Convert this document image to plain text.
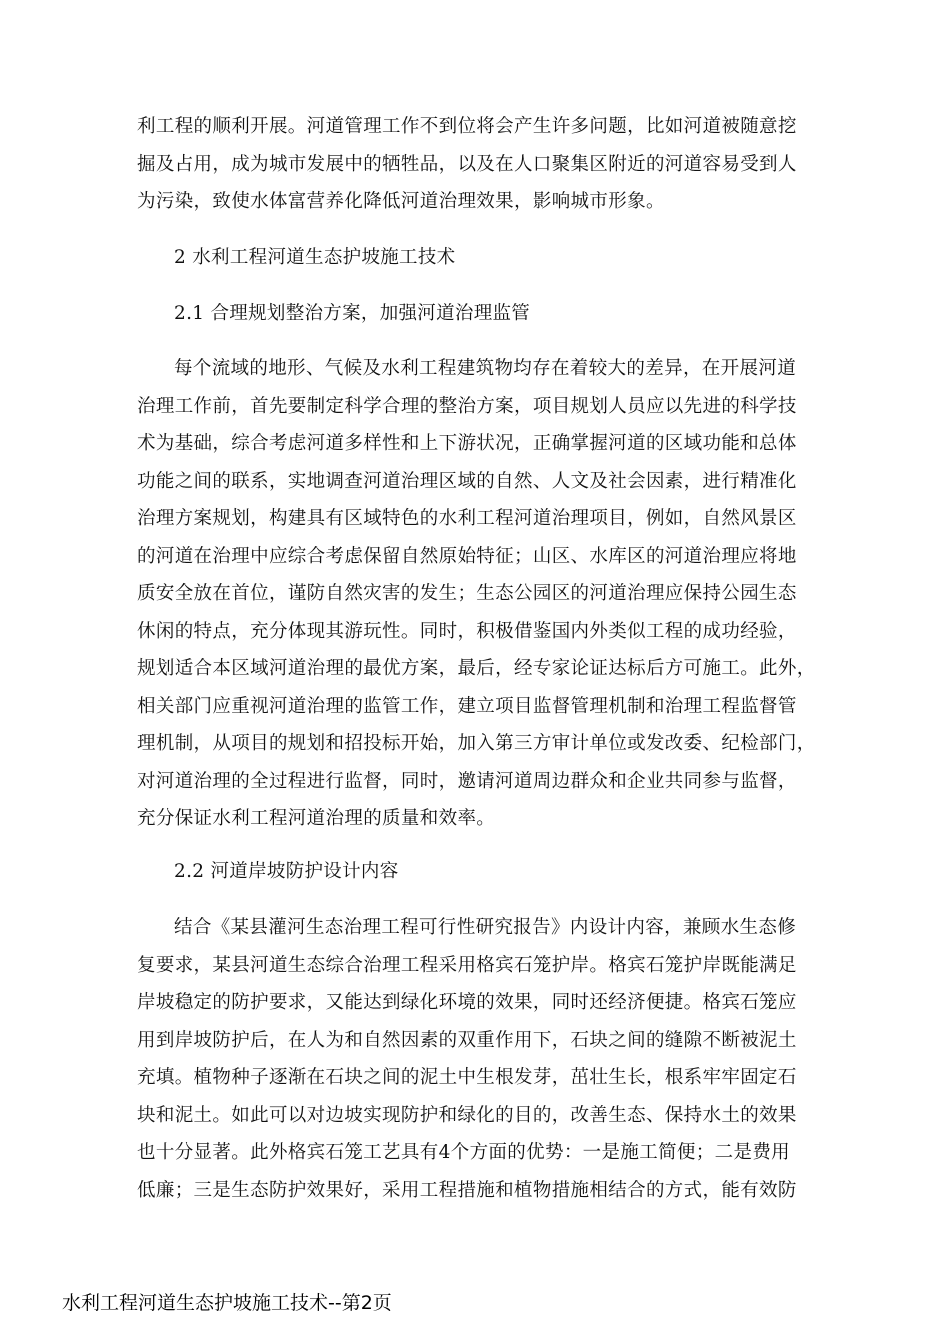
利工程的顺利开展。河道管理工作不到位将会产生许多问题，比如河道被随意挖
掘及占用，成为城市发展中的牺牲品，以及在人口聚集区附近的河道容易受到人
为污染，致使水体富营养化降低河道治理效果，影响城市形象。
2 水利工程河道生态护坡施工技术
2.1 合理规划整治方案，加强河道治理监管
每个流域的地形、气候及水利工程建筑物均存在着较大的差异，在开展河道
治理工作前，首先要制定科学合理的整治方案，项目规划人员应以先进的科学技
术为基础，综合考虑河道多样性和上下游状况，正确掌握河道的区域功能和总体
功能之间的联系，实地调查河道治理区域的自然、人文及社会因素，进行精准化
治理方案规划，构建具有区域特色的水利工程河道治理项目，例如，自然风景区
的河道在治理中应综合考虑保留自然原始特征；山区、水库区的河道治理应将地
质安全放在首位，谨防自然灾害的发生；生态公园区的河道治理应保持公园生态
休闲的特点，充分体现其游玩性。同时，积极借鉴国内外类似工程的成功经验，
规划适合本区域河道治理的最优方案，最后，经专家论证达标后方可施工。此外，
相关部门应重视河道治理的监管工作，建立项目监督管理机制和治理工程监督管
理机制，从项目的规划和招投标开始，加入第三方审计单位或发改委、纪检部门，
对河道治理的全过程进行监督，同时，邀请河道周边群众和企业共同参与监督，
充分保证水利工程河道治理的质量和效率。
2.2 河道岸坡防护设计内容
结合《某县灌河生态治理工程可行性研究报告》内设计内容，兼顾水生态修
复要求，某县河道生态综合治理工程采用格宾石笼护岸。格宾石笼护岸既能满足
岸坡稳定的防护要求，又能达到绿化环境的效果，同时还经济便捷。格宾石笼应
用到岸坡防护后，在人为和自然因素的双重作用下，石块之间的缝隙不断被泥土
充填。植物种子逐渐在石块之间的泥土中生根发芽，茁壮生长，根系牢牢固定石
块和泥土。如此可以对边坡实现防护和绿化的目的，改善生态、保持水土的效果
也十分显著。此外格宾石笼工艺具有4个方面的优势：一是施工简便；二是费用
低廉；三是生态防护效果好，采用工程措施和植物措施相结合的方式，能有效防
水利工程河道生态护坡施工技术--第2页
